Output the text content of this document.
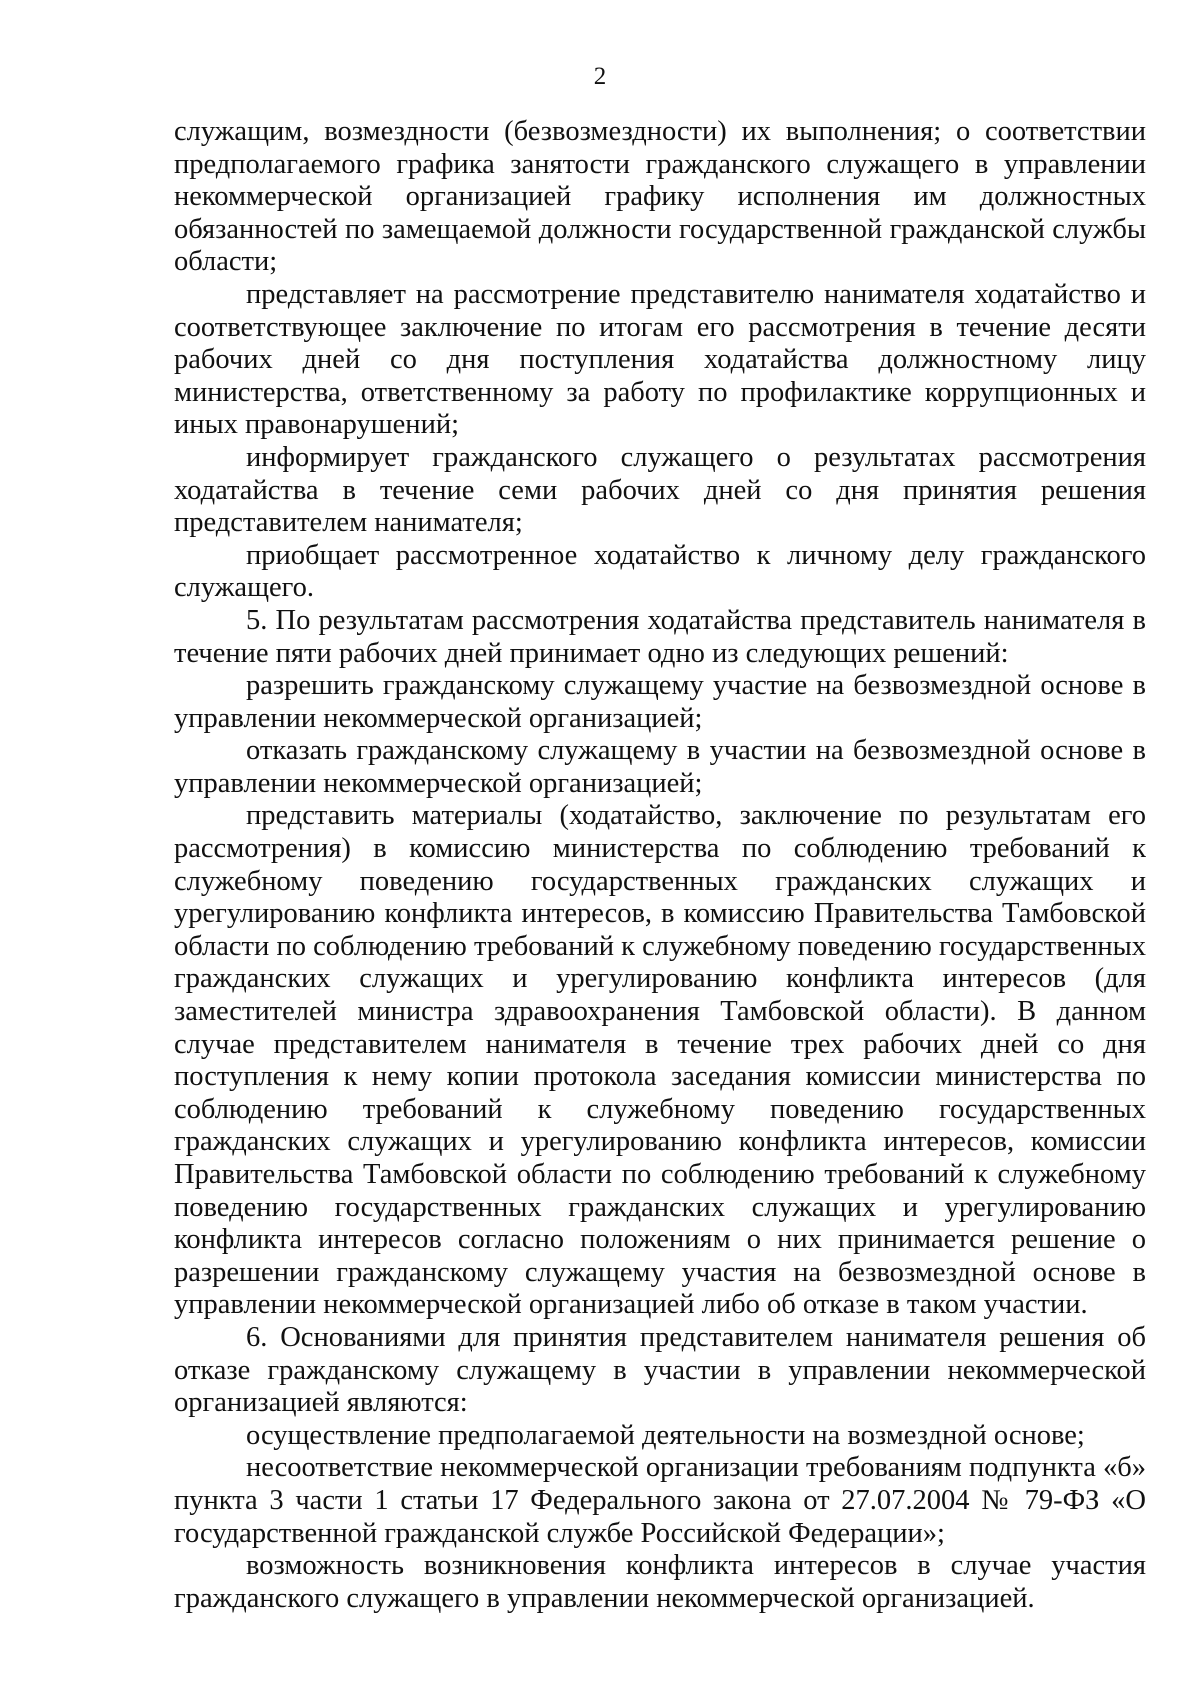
2

служащим, возмездности (безвозмездности) их выполнения; о соответствии предполагаемого графика занятости гражданского служащего в управлении некоммерческой организацией графику исполнения им должностных обязанностей по замещаемой должности государственной гражданской службы области;

представляет на рассмотрение представителю нанимателя ходатайство и соответствующее заключение по итогам его рассмотрения в течение десяти рабочих дней со дня поступления ходатайства должностному лицу министерства, ответственному за работу по профилактике коррупционных и иных правонарушений;

информирует гражданского служащего о результатах рассмотрения ходатайства в течение семи рабочих дней со дня принятия решения представителем нанимателя;

приобщает рассмотренное ходатайство к личному делу гражданского служащего.

5. По результатам рассмотрения ходатайства представитель нанимателя в течение пяти рабочих дней принимает одно из следующих решений:

разрешить гражданскому служащему участие на безвозмездной основе в управлении некоммерческой организацией;

отказать гражданскому служащему в участии на безвозмездной основе в управлении некоммерческой организацией;

представить материалы (ходатайство, заключение по результатам его рассмотрения) в комиссию министерства по соблюдению требований к служебному поведению государственных гражданских служащих и урегулированию конфликта интересов, в комиссию Правительства Тамбовской области по соблюдению требований к служебному поведению государственных гражданских служащих и урегулированию конфликта интересов (для заместителей министра здравоохранения Тамбовской области). В данном случае представителем нанимателя в течение трех рабочих дней со дня поступления к нему копии протокола заседания комиссии министерства по соблюдению требований к служебному поведению государственных гражданских служащих и урегулированию конфликта интересов, комиссии Правительства Тамбовской области по соблюдению требований к служебному поведению государственных гражданских служащих и урегулированию конфликта интересов согласно положениям о них принимается решение о разрешении гражданскому служащему участия на безвозмездной основе в управлении некоммерческой организацией либо об отказе в таком участии.

6. Основаниями для принятия представителем нанимателя решения об отказе гражданскому служащему в участии в управлении некоммерческой организацией являются:

осуществление предполагаемой деятельности на возмездной основе;

несоответствие некоммерческой организации требованиям подпункта «б» пункта 3 части 1 статьи 17 Федерального закона от 27.07.2004 № 79-ФЗ «О государственной гражданской службе Российской Федерации»;

возможность возникновения конфликта интересов в случае участия гражданского служащего в управлении некоммерческой организацией.
